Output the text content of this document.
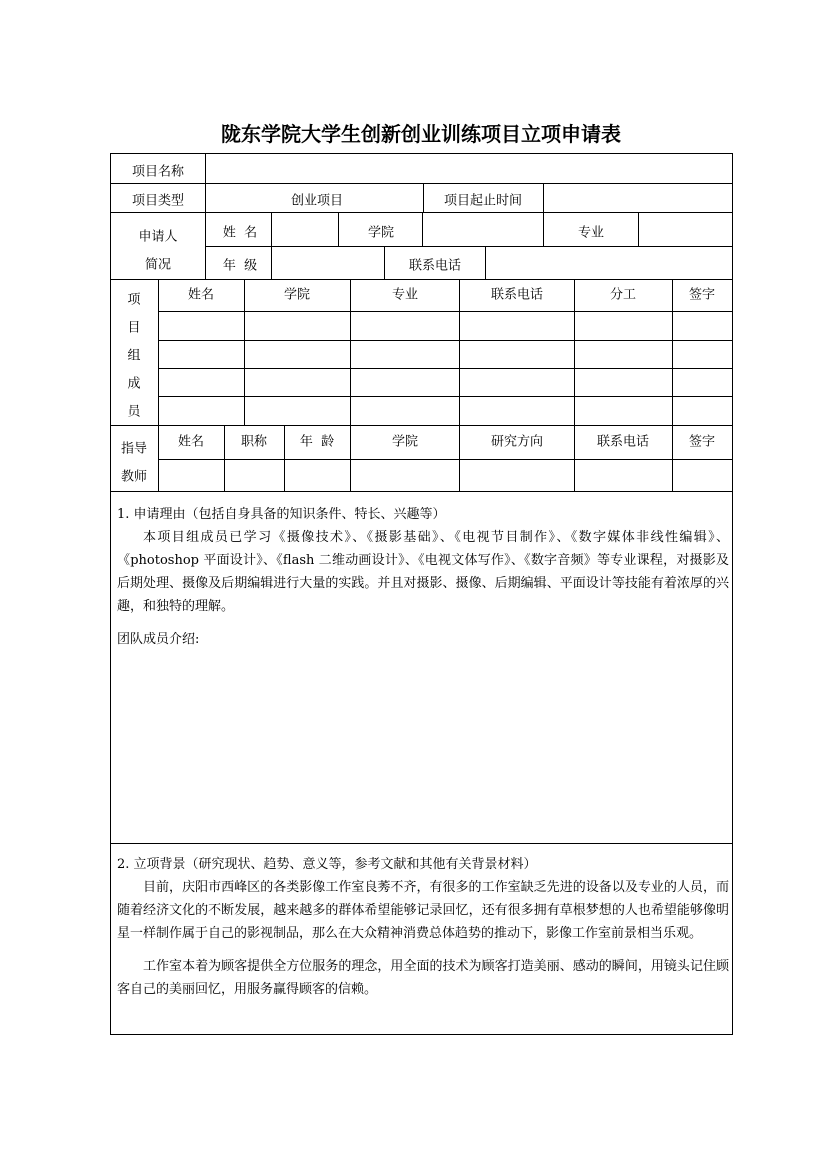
陇东学院大学生创新创业训练项目立项申请表
项目名称
项目类型	创业项目	项目起止时间
申请人
简况
姓  名	学院	专业
年  级	联系电话
项
目
组
成
员
姓名	学院	专业	联系电话	分工	签字
指导
教师
姓名	职称	年  龄	学院	研究方向	联系电话	签字

1. 申请理由（包括自身具备的知识条件、特长、兴趣等）

本项目组成员已学习《摄像技术》、《摄影基础》、《电视节目制作》、《数字媒体非线性编辑》、《photoshop 平面设计》、《flash 二维动画设计》、《电视文体写作》、《数字音频》等专业课程，对摄影及后期处理、摄像及后期编辑进行大量的实践。并且对摄影、摄像、后期编辑、平面设计等技能有着浓厚的兴趣，和独特的理解。

团队成员介绍:

2. 立项背景（研究现状、趋势、意义等，参考文献和其他有关背景材料）

目前，庆阳市西峰区的各类影像工作室良莠不齐，有很多的工作室缺乏先进的设备以及专业的人员，而随着经济文化的不断发展，越来越多的群体希望能够记录回忆，还有很多拥有草根梦想的人也希望能够像明星一样制作属于自己的影视制品，那么在大众精神消费总体趋势的推动下，影像工作室前景相当乐观。

工作室本着为顾客提供全方位服务的理念，用全面的技术为顾客打造美丽、感动的瞬间，用镜头记住顾客自己的美丽回忆，用服务赢得顾客的信赖。
